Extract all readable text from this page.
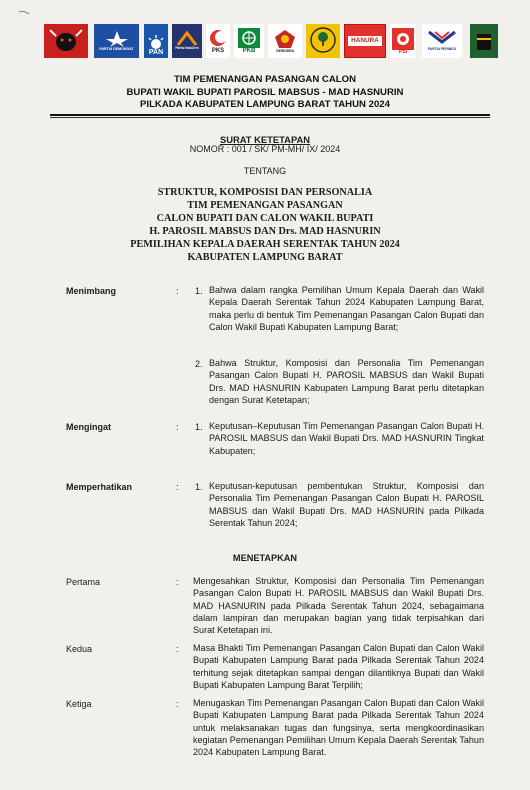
PARTAI DEMOKRAT PAN
Partai NasDem PKS	PKB	GERINDRA
HANURA
PSI	PARTAI PERINDO
TIM PEMENANGAN PASANGAN CALON
BUPATI WAKIL BUPATI PAROSIL MABSUS - MAD HASNURIN
PILKADA KABUPATEN LAMPUNG BARAT TAHUN 2024
SURAT KETETAPAN
NOMOR : 001 / SK/ PM-MH/ IX/ 2024
TENTANG
STRUKTUR, KOMPOSISI DAN PERSONALIA
TIM PEMENANGAN PASANGAN
CALON BUPATI DAN CALON WAKIL BUPATI
H. PAROSIL MABSUS DAN Drs. MAD HASNURIN
PEMILIHAN KEPALA DAERAH SERENTAK TAHUN 2024
KABUPATEN LAMPUNG BARAT
Menimbang	: 1. Bahwa dalam rangka Pemilihan Umum Kepala Daerah dan Wakil Kepala Daerah Serentak Tahun 2024 Kabupaten Lampung Barat, maka perlu di bentuk Tim Pemenangan Pasangan Calon Bupati dan Calon Wakil Bupati Kabupaten Lampung Barat;
2. Bahwa Struktur, Komposisi dan Personalia Tim Pemenangan Pasangan Calon Bupati H. PAROSIL MABSUS dan Wakil Bupati Drs. MAD HASNURIN Kabupaten Lampung Barat perlu ditetapkan dengan Surat Ketetapan;
Mengingat	: 1. Keputusan–Keputusan Tim Pemenangan Pasangan Calon Bupati H. PAROSIL MABSUS dan Wakil Bupati Drs. MAD HASNURIN Tingkat Kabupaten;
Memperhatikan	: 1. Keputusan-keputusan pembentukan Struktur, Komposisi dan Personalia Tim Pemenangan Pasangan Calon Bupati H. PAROSIL MABSUS dan Wakil Bupati Drs. MAD HASNURIN pada Pilkada Serentak Tahun 2024;
MENETAPKAN
Pertama	: Mengesahkan Struktur, Komposisi dan Personalia Tim Pemenangan Pasangan Calon Bupati H. PAROSIL MABSUS dan Wakil Bupati Drs. MAD HASNURIN pada Pilkada Serentak Tahun 2024, sebagaimana dalam lampiran dan merupakan bagian yang tidak terpisahkan dari Surat Ketetapan ini.
Kedua	: Masa Bhakti Tim Pemenangan Pasangan Calon Bupati dan Calon Wakil Bupati Kabupaten Lampung Barat pada Pilkada Serentak Tahun 2024 terhitung sejak ditetapkan sampai dengan dilantiknya Bupati dan Wakil Bupati Kabupaten Lampung Barat Terpilih;
Ketiga	: Menugaskan Tim Pemenangan Pasangan Calon Bupati dan Calon Wakil Bupati Kabupaten Lampung Barat pada Pilkada Serentak Tahun 2024 untuk melaksanakan tugas dan fungsinya, serta mengkoordinasikan kegiatan Pemenangan Pemilihan Umum Kepala Daerah Serentak Tahun 2024 Kabupaten Lampung Barat.
